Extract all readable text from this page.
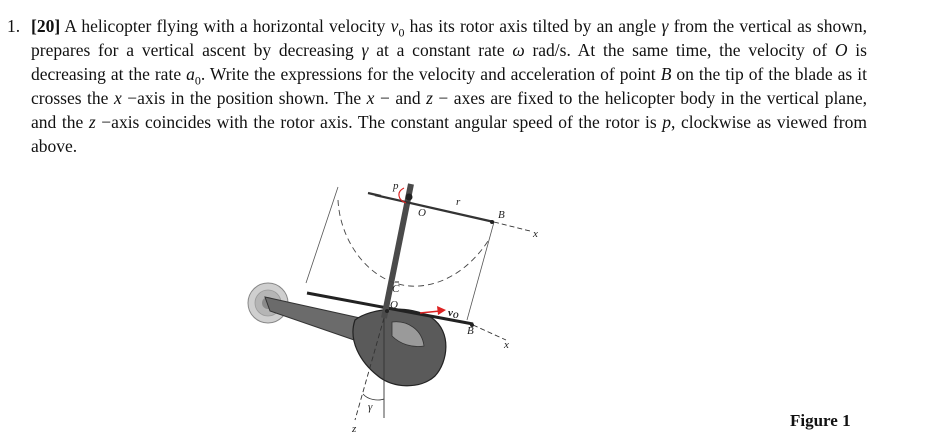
1. [20] A helicopter flying with a horizontal velocity $v_0$ has its rotor axis tilted by an angle γ from the vertical as shown, prepares for a vertical ascent by decreasing γ at a constant rate ω rad/s. At the same time, the velocity of O is decreasing at the rate $a_0$. Write the expressions for the velocity and acceleration of point B on the tip of the blade as it crosses the x −axis in the position shown. The x − and z − axes are fixed to the helicopter body in the vertical plane, and the z −axis coincides with the rotor axis. The constant angular speed of the rotor is p, clockwise as viewed from above.
p
O
r
B
x
C
O
vO
B
x
γ
z	Figure 1
